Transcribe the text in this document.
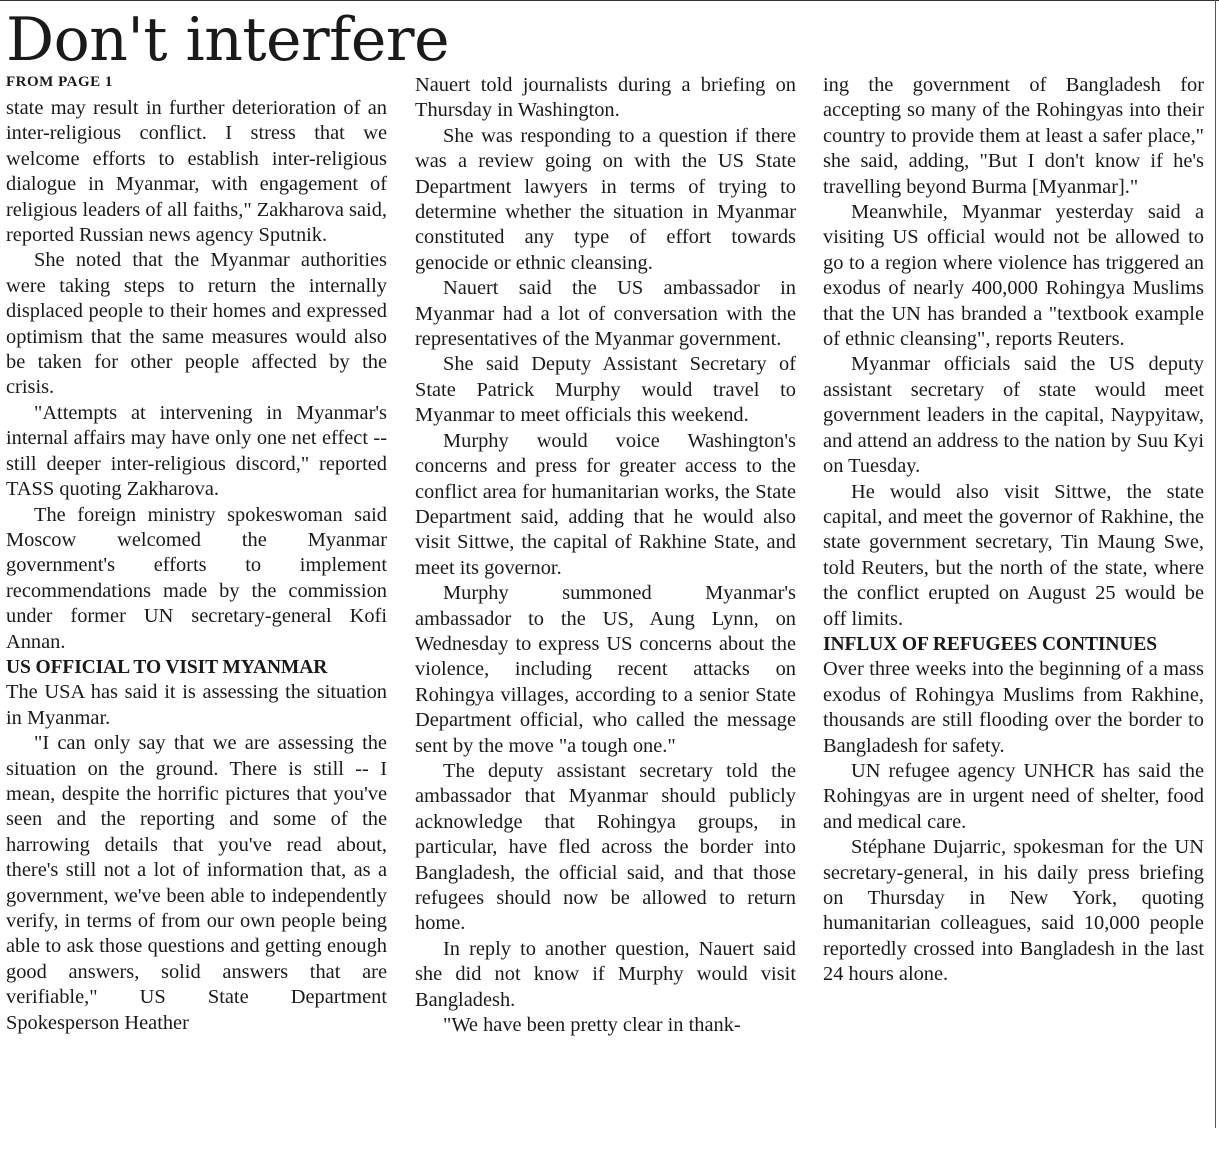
Don't interfere
FROM PAGE 1

state may result in further deterioration of an inter-religious conflict. I stress that we welcome efforts to establish inter-religious dialogue in Myanmar, with engagement of religious leaders of all faiths," Zakharova said, reported Russian news agency Sputnik.

She noted that the Myanmar authorities were taking steps to return the internally displaced people to their homes and expressed optimism that the same measures would also be taken for other people affected by the crisis.

"Attempts at intervening in Myanmar's internal affairs may have only one net effect -- still deeper inter-religious discord," reported TASS quoting Zakharova.

The foreign ministry spokeswoman said Moscow welcomed the Myanmar government's efforts to implement recommendations made by the commission under former UN secretary-general Kofi Annan.

US OFFICIAL TO VISIT MYANMAR

The USA has said it is assessing the situation in Myanmar.

"I can only say that we are assessing the situation on the ground. There is still -- I mean, despite the horrific pictures that you've seen and the reporting and some of the harrowing details that you've read about, there's still not a lot of information that, as a government, we've been able to independently verify, in terms of from our own people being able to ask those questions and getting enough good answers, solid answers that are verifiable," US State Department Spokesperson Heather

Nauert told journalists during a briefing on Thursday in Washington.

She was responding to a question if there was a review going on with the US State Department lawyers in terms of trying to determine whether the situation in Myanmar constituted any type of effort towards genocide or ethnic cleansing.

Nauert said the US ambassador in Myanmar had a lot of conversation with the representatives of the Myanmar government.

She said Deputy Assistant Secretary of State Patrick Murphy would travel to Myanmar to meet officials this weekend.

Murphy would voice Washington's concerns and press for greater access to the conflict area for humanitarian works, the State Department said, adding that he would also visit Sittwe, the capital of Rakhine State, and meet its governor.

Murphy summoned Myanmar's ambassador to the US, Aung Lynn, on Wednesday to express US concerns about the violence, including recent attacks on Rohingya villages, according to a senior State Department official, who called the message sent by the move "a tough one."

The deputy assistant secretary told the ambassador that Myanmar should publicly acknowledge that Rohingya groups, in particular, have fled across the border into Bangladesh, the official said, and that those refugees should now be allowed to return home.

In reply to another question, Nauert said she did not know if Murphy would visit Bangladesh.

"We have been pretty clear in thank-

ing the government of Bangladesh for accepting so many of the Rohingyas into their country to provide them at least a safer place," she said, adding, "But I don't know if he's travelling beyond Burma [Myanmar]."

Meanwhile, Myanmar yesterday said a visiting US official would not be allowed to go to a region where violence has triggered an exodus of nearly 400,000 Rohingya Muslims that the UN has branded a "textbook example of ethnic cleansing", reports Reuters.

Myanmar officials said the US deputy assistant secretary of state would meet government leaders in the capital, Naypyitaw, and attend an address to the nation by Suu Kyi on Tuesday.

He would also visit Sittwe, the state capital, and meet the governor of Rakhine, the state government secretary, Tin Maung Swe, told Reuters, but the north of the state, where the conflict erupted on August 25 would be off limits.

INFLUX OF REFUGEES CONTINUES

Over three weeks into the beginning of a mass exodus of Rohingya Muslims from Rakhine, thousands are still flooding over the border to Bangladesh for safety.

UN refugee agency UNHCR has said the Rohingyas are in urgent need of shelter, food and medical care.

Stéphane Dujarric, spokesman for the UN secretary-general, in his daily press briefing on Thursday in New York, quoting humanitarian colleagues, said 10,000 people reportedly crossed into Bangladesh in the last 24 hours alone.
